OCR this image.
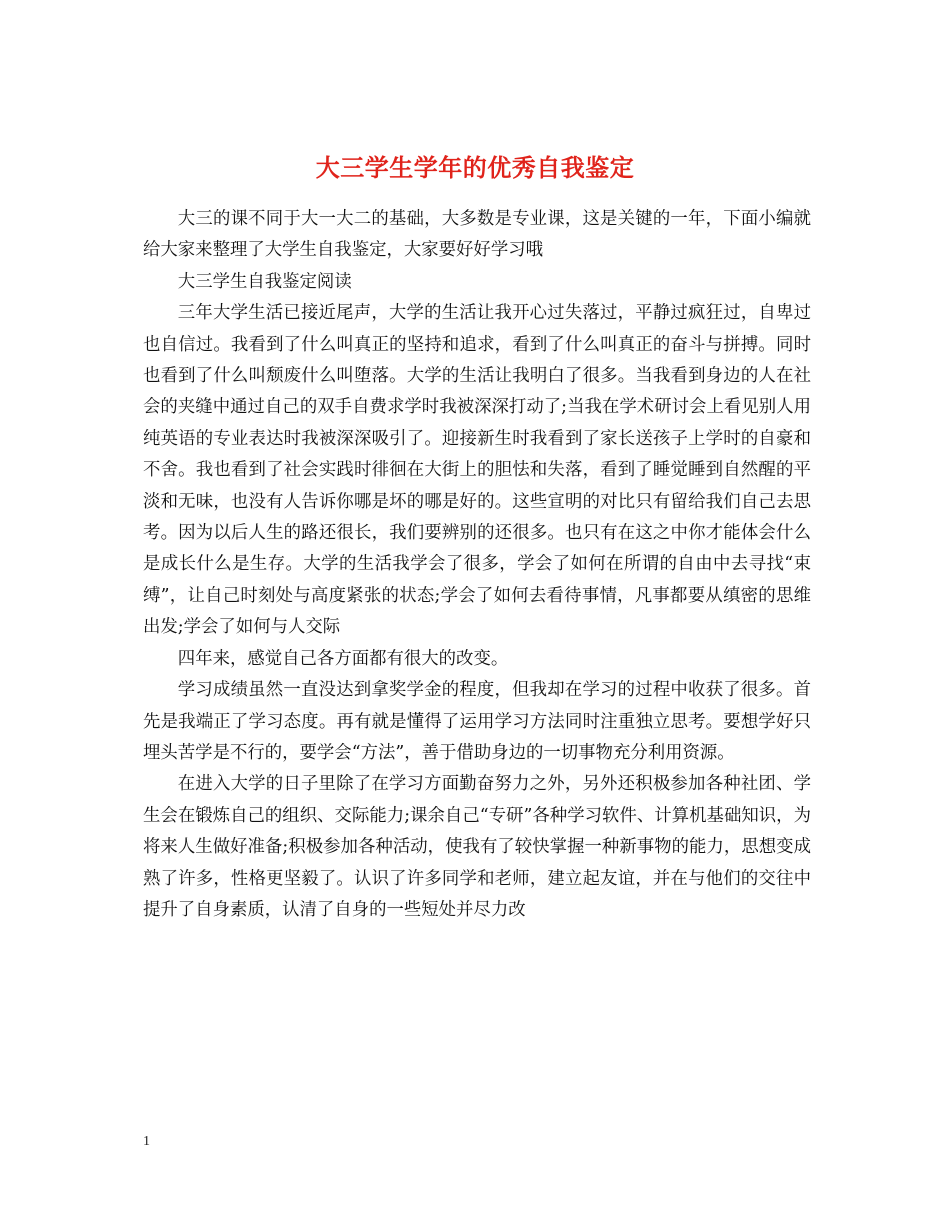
大三学生学年的优秀自我鉴定

大三的课不同于大一大二的基础，大多数是专业课，这是关键的一年，下面小编就给大家来整理了大学生自我鉴定，大家要好好学习哦

大三学生自我鉴定阅读

三年大学生活已接近尾声，大学的生活让我开心过失落过，平静过疯狂过，自卑过也自信过。我看到了什么叫真正的坚持和追求，看到了什么叫真正的奋斗与拼搏。同时也看到了什么叫颓废什么叫堕落。大学的生活让我明白了很多。当我看到身边的人在社会的夹缝中通过自己的双手自费求学时我被深深打动了;当我在学术研讨会上看见别人用纯英语的专业表达时我被深深吸引了。迎接新生时我看到了家长送孩子上学时的自豪和不舍。我也看到了社会实践时徘徊在大街上的胆怯和失落，看到了睡觉睡到自然醒的平淡和无味，也没有人告诉你哪是坏的哪是好的。这些宣明的对比只有留给我们自己去思考。因为以后人生的路还很长，我们要辨别的还很多。也只有在这之中你才能体会什么是成长什么是生存。大学的生活我学会了很多，学会了如何在所谓的自由中去寻找“束缚”，让自己时刻处与高度紧张的状态;学会了如何去看待事情，凡事都要从缜密的思维出发;学会了如何与人交际

四年来，感觉自己各方面都有很大的改变。

学习成绩虽然一直没达到拿奖学金的程度，但我却在学习的过程中收获了很多。首先是我端正了学习态度。再有就是懂得了运用学习方法同时注重独立思考。要想学好只埋头苦学是不行的，要学会“方法”，善于借助身边的一切事物充分利用资源。

在进入大学的日子里除了在学习方面勤奋努力之外，另外还积极参加各种社团、学生会在锻炼自己的组织、交际能力;课余自己“专研”各种学习软件、计算机基础知识，为将来人生做好准备;积极参加各种活动，使我有了较快掌握一种新事物的能力，思想变成熟了许多，性格更坚毅了。认识了许多同学和老师，建立起友谊，并在与他们的交往中提升了自身素质，认清了自身的一些短处并尽力改

1
